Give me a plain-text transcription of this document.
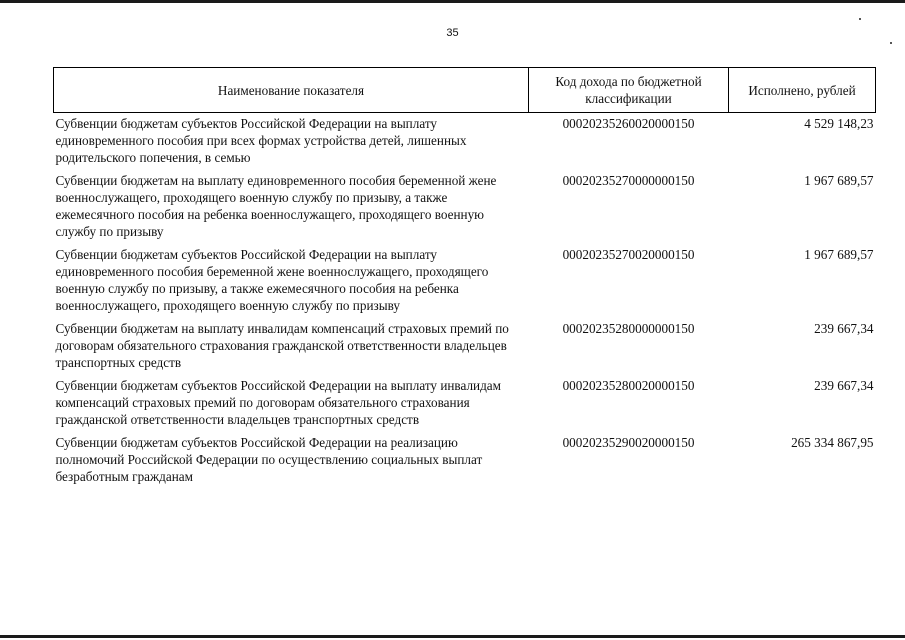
35
Наименование показателя	Код дохода по бюджетной классификации	Исполнено, рублей
Субвенции бюджетам субъектов Российской Федерации на выплату единовременного пособия при всех формах устройства детей, лишенных родительского попечения, в семью	00020235260020000150	4 529 148,23
Субвенции бюджетам на выплату единовременного пособия беременной жене военнослужащего, проходящего военную службу по призыву, а также ежемесячного пособия на ребенка военнослужащего, проходящего военную службу по призыву	00020235270000000150	1 967 689,57
Субвенции бюджетам субъектов Российской Федерации на выплату единовременного пособия беременной жене военнослужащего, проходящего военную службу по призыву, а также ежемесячного пособия на ребенка военнослужащего, проходящего военную службу по призыву	00020235270020000150	1 967 689,57
Субвенции бюджетам на выплату инвалидам компенсаций страховых премий по договорам обязательного страхования гражданской ответственности владельцев транспортных средств	00020235280000000150	239 667,34
Субвенции бюджетам субъектов Российской Федерации на выплату инвалидам компенсаций страховых премий по договорам обязательного страхования гражданской ответственности владельцев транспортных средств	00020235280020000150	239 667,34
Субвенции бюджетам субъектов Российской Федерации на реализацию полномочий Российской Федерации по осуществлению социальных выплат безработным гражданам	00020235290020000150	265 334 867,95
